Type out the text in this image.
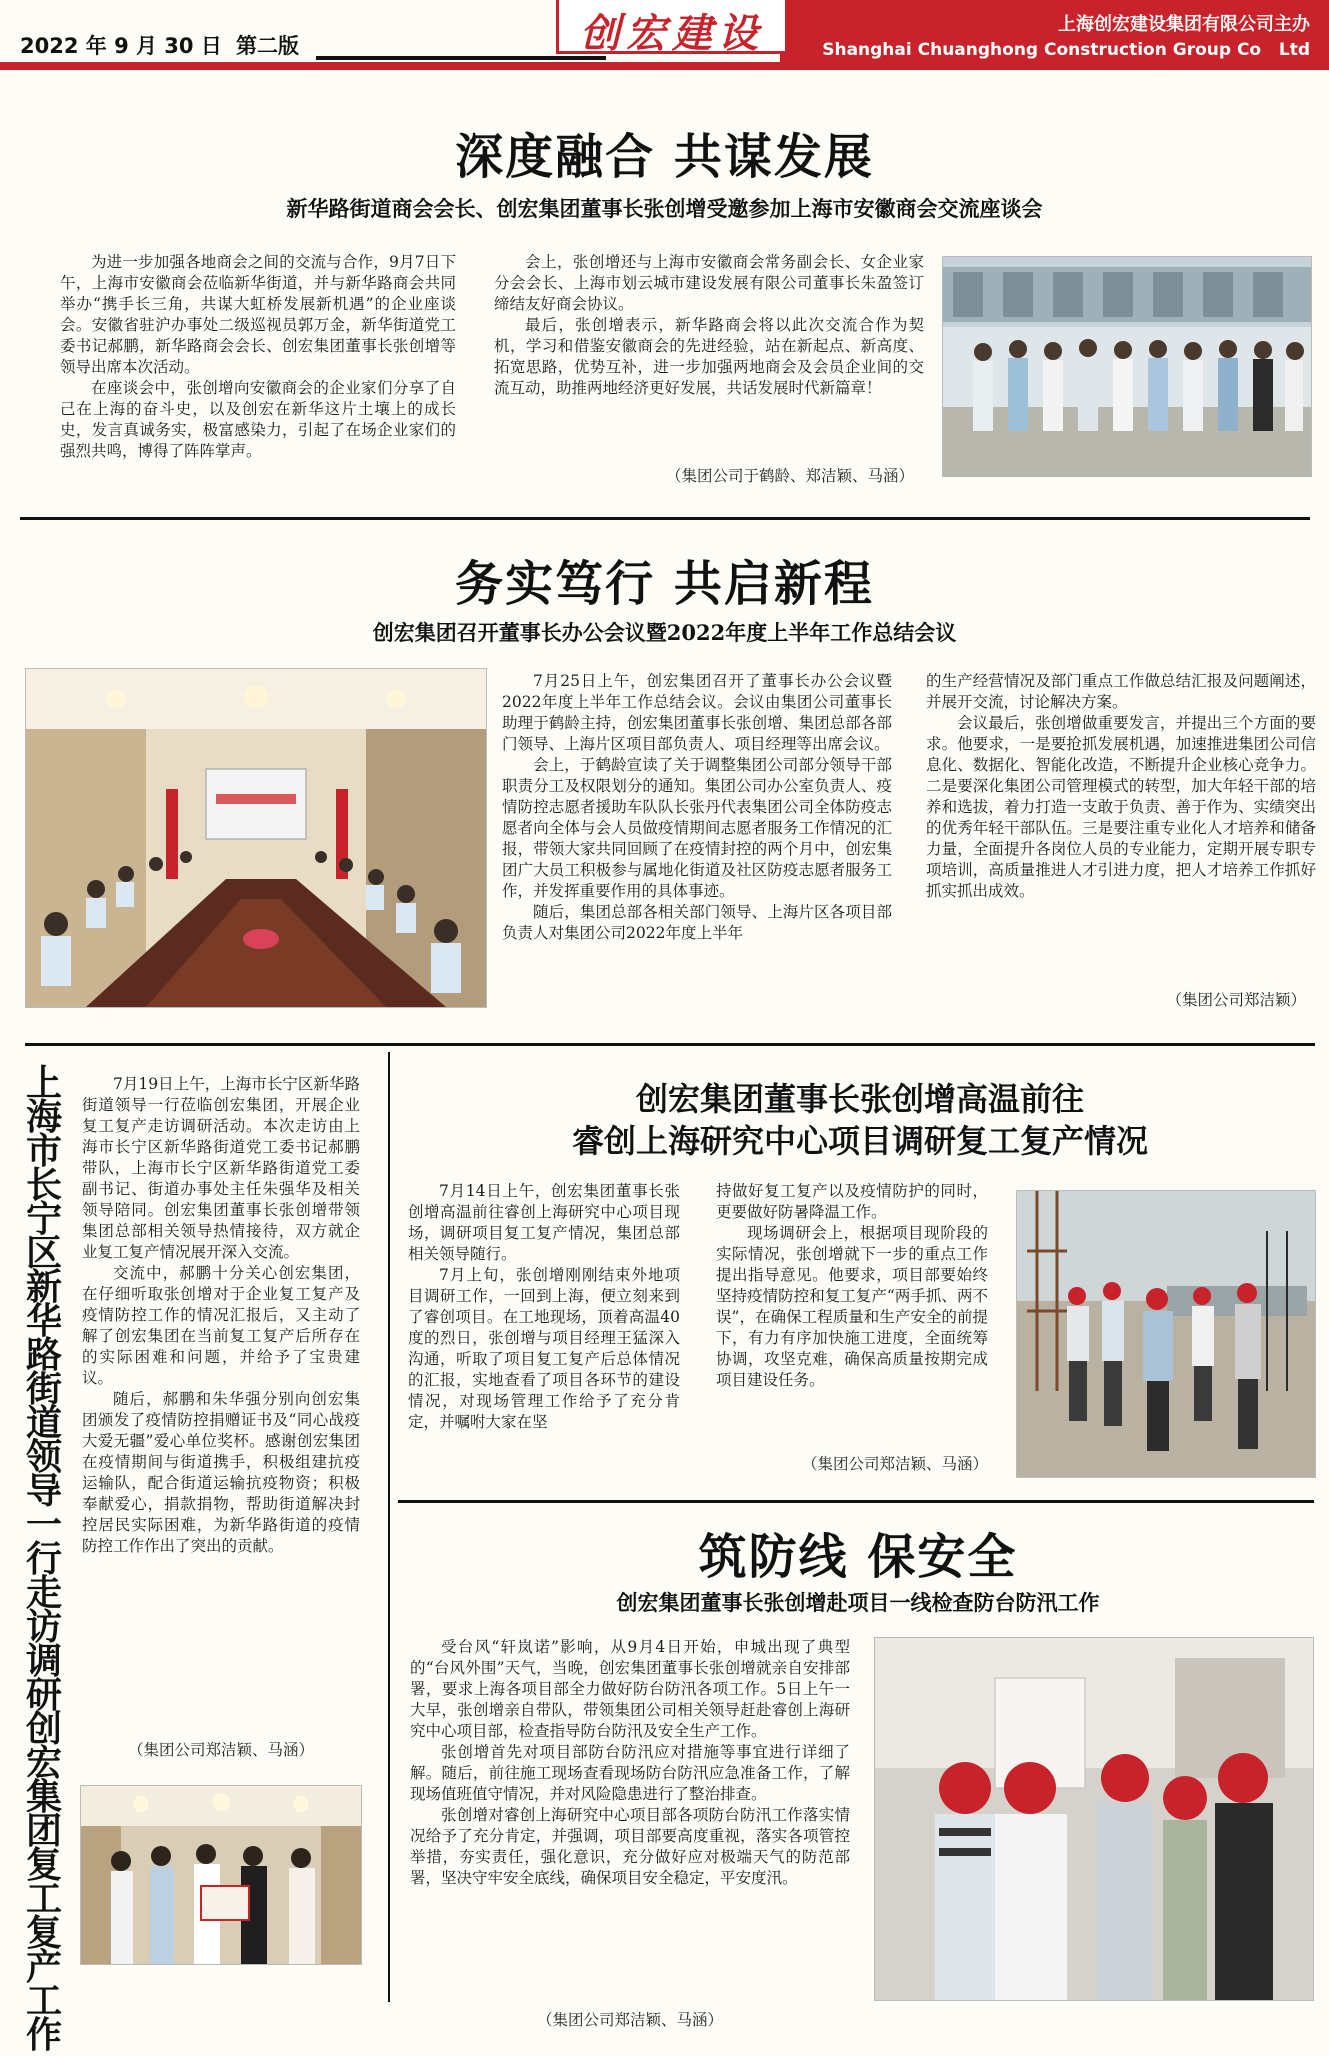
2022 年 9 月 30 日 第二版	创宏建设	上海创宏建设集团有限公司主办
Shanghai Chuanghong Construction Group Co   Ltd
深度融合 共谋发展
新华路街道商会会长、创宏集团董事长张创增受邀参加上海市安徽商会交流座谈会

为进一步加强各地商会之间的交流与合作，9月7日下午，上海市安徽商会莅临新华街道，并与新华路商会共同举办“携手长三角，共谋大虹桥发展新机遇”的企业座谈会。安徽省驻沪办事处二级巡视员郭万金，新华街道党工委书记郝鹏，新华路商会会长、创宏集团董事长张创增等领导出席本次活动。

在座谈会中，张创增向安徽商会的企业家们分享了自己在上海的奋斗史，以及创宏在新华这片土壤上的成长史，发言真诚务实，极富感染力，引起了在场企业家们的强烈共鸣，博得了阵阵掌声。

会上，张创增还与上海市安徽商会常务副会长、女企业家分会会长、上海市划云城市建设发展有限公司董事长朱盈签订缔结友好商会协议。

最后，张创增表示，新华路商会将以此次交流合作为契机，学习和借鉴安徽商会的先进经验，站在新起点、新高度、拓宽思路，优势互补，进一步加强两地商会及会员企业间的交流互动，助推两地经济更好发展，共话发展时代新篇章！

（集团公司于鹤龄、郑洁颖、马涵）
务实笃行 共启新程
创宏集团召开董事长办公会议暨2022年度上半年工作总结会议

7月25日上午，创宏集团召开了董事长办公会议暨2022年度上半年工作总结会议。会议由集团公司董事长助理于鹤龄主持，创宏集团董事长张创增、集团总部各部门领导、上海片区项目部负责人、项目经理等出席会议。

会上，于鹤龄宣读了关于调整集团公司部分领导干部职责分工及权限划分的通知。集团公司办公室负责人、疫情防控志愿者援助车队队长张丹代表集团公司全体防疫志愿者向全体与会人员做疫情期间志愿者服务工作情况的汇报，带领大家共同回顾了在疫情封控的两个月中，创宏集团广大员工积极参与属地化街道及社区防疫志愿者服务工作，并发挥重要作用的具体事迹。

随后，集团总部各相关部门领导、上海片区各项目部负责人对集团公司2022年度上半年

的生产经营情况及部门重点工作做总结汇报及问题阐述，并展开交流，讨论解决方案。

会议最后，张创增做重要发言，并提出三个方面的要求。他要求，一是要抢抓发展机遇，加速推进集团公司信息化、数据化、智能化改造，不断提升企业核心竞争力。二是要深化集团公司管理模式的转型，加大年轻干部的培养和选拔，着力打造一支敢于负责、善于作为、实绩突出的优秀年轻干部队伍。三是要注重专业化人才培养和储备力量，全面提升各岗位人员的专业能力，定期开展专职专项培训，高质量推进人才引进力度，把人才培养工作抓好抓实抓出成效。

（集团公司郑洁颖）
上海市长宁区新华路街道领导一行走访调研创宏集团复工复产工作

7月19日上午，上海市长宁区新华路街道领导一行莅临创宏集团，开展企业复工复产走访调研活动。本次走访由上海市长宁区新华路街道党工委书记郝鹏带队，上海市长宁区新华路街道党工委副书记、街道办事处主任朱强华及相关领导陪同。创宏集团董事长张创增带领集团总部相关领导热情接待，双方就企业复工复产情况展开深入交流。

交流中，郝鹏十分关心创宏集团，在仔细听取张创增对于企业复工复产及疫情防控工作的情况汇报后，又主动了解了创宏集团在当前复工复产后所存在的实际困难和问题，并给予了宝贵建议。

随后，郝鹏和朱华强分别向创宏集团颁发了疫情防控捐赠证书及“同心战疫　大爱无疆”爱心单位奖杯。感谢创宏集团在疫情期间与街道携手，积极组建抗疫运输队，配合街道运输抗疫物资；积极奉献爱心，捐款捐物，帮助街道解决封控居民实际困难，为新华路街道的疫情防控工作作出了突出的贡献。

（集团公司郑洁颖、马涵）
创宏集团董事长张创增高温前往
睿创上海研究中心项目调研复工复产情况

7月14日上午，创宏集团董事长张创增高温前往睿创上海研究中心项目现场，调研项目复工复产情况，集团总部相关领导随行。

7月上旬，张创增刚刚结束外地项目调研工作，一回到上海，便立刻来到了睿创项目。在工地现场，顶着高温40度的烈日，张创增与项目经理王猛深入沟通，听取了项目复工复产后总体情况的汇报，实地查看了项目各环节的建设情况，对现场管理工作给予了充分肯定，并嘱咐大家在坚

持做好复工复产以及疫情防护的同时，更要做好防暑降温工作。

现场调研会上，根据项目现阶段的实际情况，张创增就下一步的重点工作提出指导意见。他要求，项目部要始终坚持疫情防控和复工复产“两手抓、两不误”，在确保工程质量和生产安全的前提下，有力有序加快施工进度，全面统筹协调，攻坚克难，确保高质量按期完成项目建设任务。

（集团公司郑洁颖、马涵）
筑防线 保安全
创宏集团董事长张创增赴项目一线检查防台防汛工作

受台风“轩岚诺”影响，从9月4日开始，申城出现了典型的“台风外围”天气，当晚，创宏集团董事长张创增就亲自安排部署，要求上海各项目部全力做好防台防汛各项工作。5日上午一大早，张创增亲自带队，带领集团公司相关领导赶赴睿创上海研究中心项目部，检查指导防台防汛及安全生产工作。

张创增首先对项目部防台防汛应对措施等事宜进行详细了解。随后，前往施工现场查看现场防台防汛应急准备工作，了解现场值班值守情况，并对风险隐患进行了整治排查。

张创增对睿创上海研究中心项目部各项防台防汛工作落实情况给予了充分肯定，并强调，项目部要高度重视，落实各项管控举措，夯实责任，强化意识，充分做好应对极端天气的防范部署，坚决守牢安全底线，确保项目安全稳定，平安度汛。

（集团公司郑洁颖、马涵）
